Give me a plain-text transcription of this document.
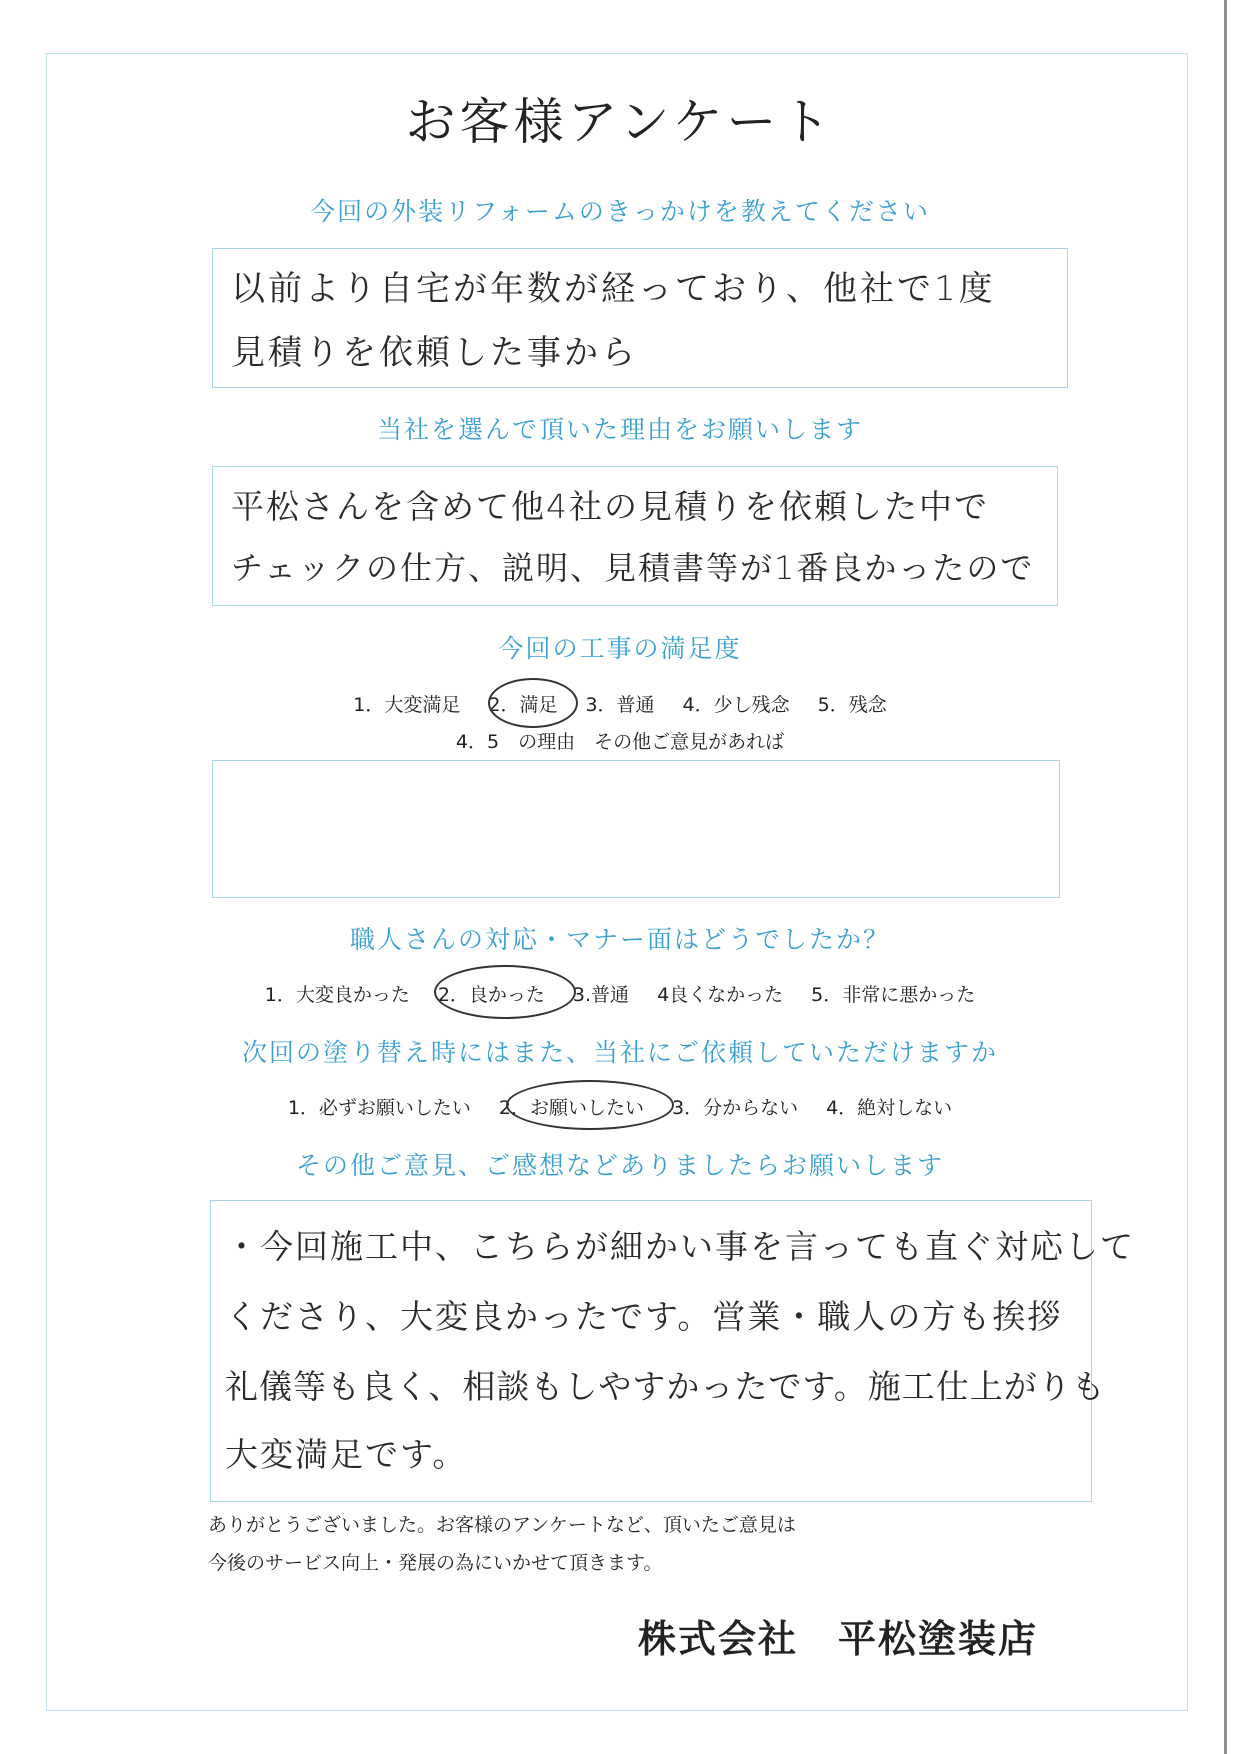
お客様アンケート
今回の外装リフォームのきっかけを教えてください

以前より自宅が年数が経っており、他社で1度

見積りを依頼した事から

当社を選んで頂いた理由をお願いします

平松さんを含めて他4社の見積りを依頼した中で

チェックの仕方、説明、見積書等が1番良かったので

今回の工事の満足度

1．大変満足 2．満足 3．普通 4．少し残念 5．残念

4．5　の理由　その他ご意見があれば

職人さんの対応・マナー面はどうでしたか？

1．大変良かった 2．良かった 3.普通 4良くなかった 5．非常に悪かった

次回の塗り替え時にはまた、当社にご依頼していただけますか

1．必ずお願いしたい 2．お願いしたい 3．分からない 4．絶対しない

その他ご意見、ご感想などありましたらお願いします

・今回施工中、こちらが細かい事を言っても直ぐ対応して

くださり、大変良かったです。営業・職人の方も挨拶

礼儀等も良く、相談もしやすかったです。施工仕上がりも

大変満足です。

ありがとうございました。お客様のアンケートなど、頂いたご意見は

今後のサービス向上・発展の為にいかせて頂きます。

株式会社　平松塗装店
